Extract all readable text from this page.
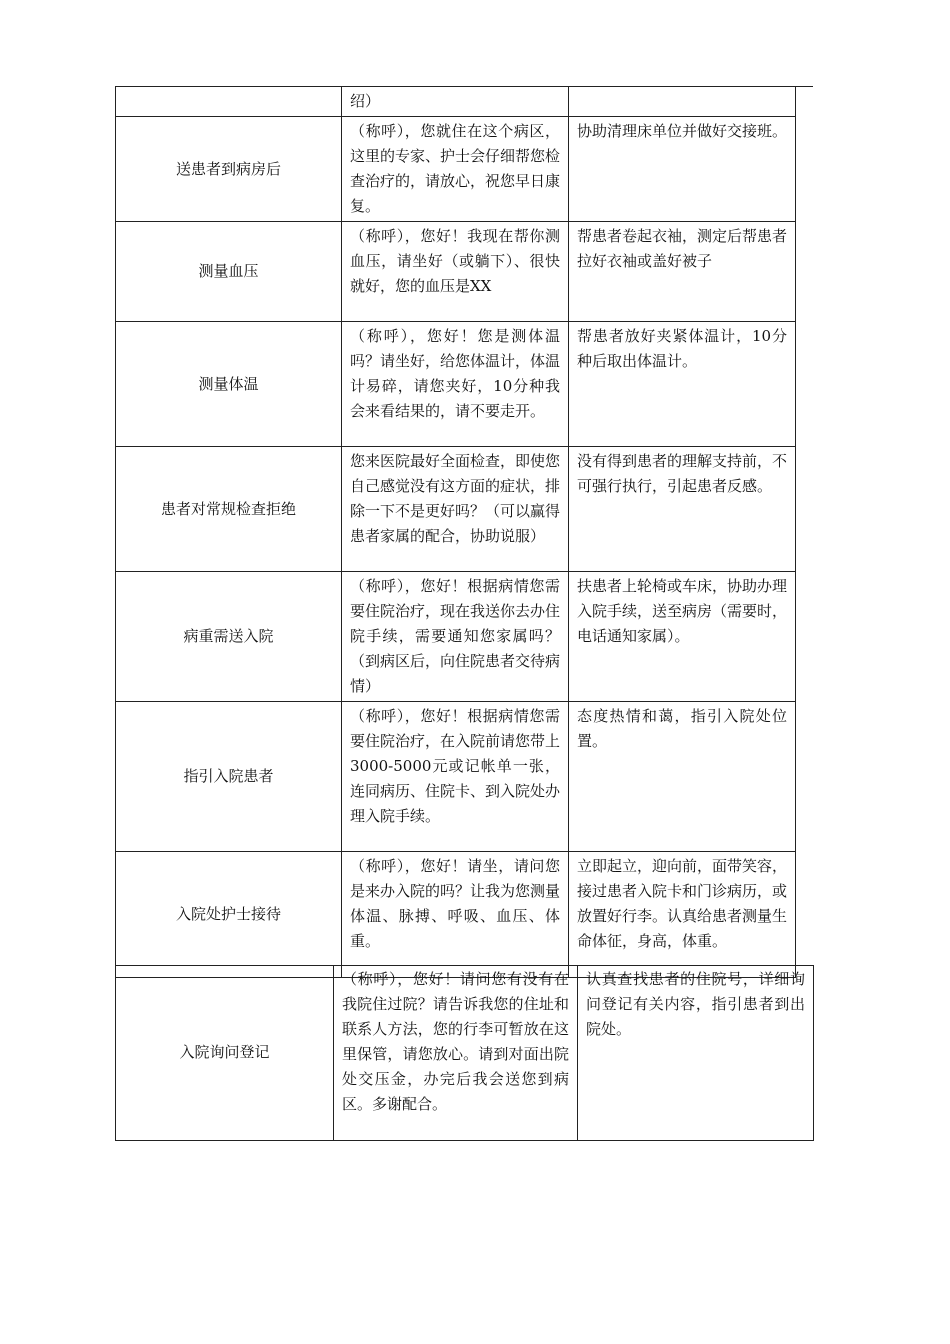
	绍）	
送患者到病房后	（称呼），您就住在这个病区，这里的专家、护士会仔细帮您检查治疗的，请放心，祝您早日康复。	协助清理床单位并做好交接班。
测量血压	（称呼），您好！我现在帮你测血压，请坐好（或躺下）、很快就好，您的血压是XX	帮患者卷起衣袖，测定后帮患者拉好衣袖或盖好被子
测量体温	（称呼），您好！您是测体温吗？请坐好，给您体温计，体温计易碎，请您夹好，10分种我会来看结果的，请不要走开。	帮患者放好夹紧体温计，10分种后取出体温计。
患者对常规检查拒绝	您来医院最好全面检查，即使您自己感觉没有这方面的症状，排除一下不是更好吗？（可以赢得患者家属的配合，协助说服）	没有得到患者的理解支持前，不可强行执行，引起患者反感。
病重需送入院	（称呼），您好！根据病情您需要住院治疗，现在我送你去办住院手续，需要通知您家属吗？（到病区后，向住院患者交待病情）	扶患者上轮椅或车床，协助办理入院手续，送至病房（需要时，电话通知家属）。
指引入院患者	（称呼），您好！根据病情您需要住院治疗，在入院前请您带上3000-5000元或记帐单一张，连同病历、住院卡、到入院处办理入院手续。	态度热情和蔼，指引入院处位置。
入院处护士接待	（称呼），您好！请坐，请问您是来办入院的吗？让我为您测量体温、脉搏、呼吸、血压、体重。	立即起立，迎向前，面带笑容，接过患者入院卡和门诊病历，或放置好行李。认真给患者测量生命体征，身高，体重。
入院询问登记	（称呼），您好！请问您有没有在我院住过院？请告诉我您的住址和联系人方法，您的行李可暂放在这里保管，请您放心。请到对面出院处交压金，办完后我会送您到病区。多谢配合。	认真查找患者的住院号，详细询问登记有关内容，指引患者到出院处。
